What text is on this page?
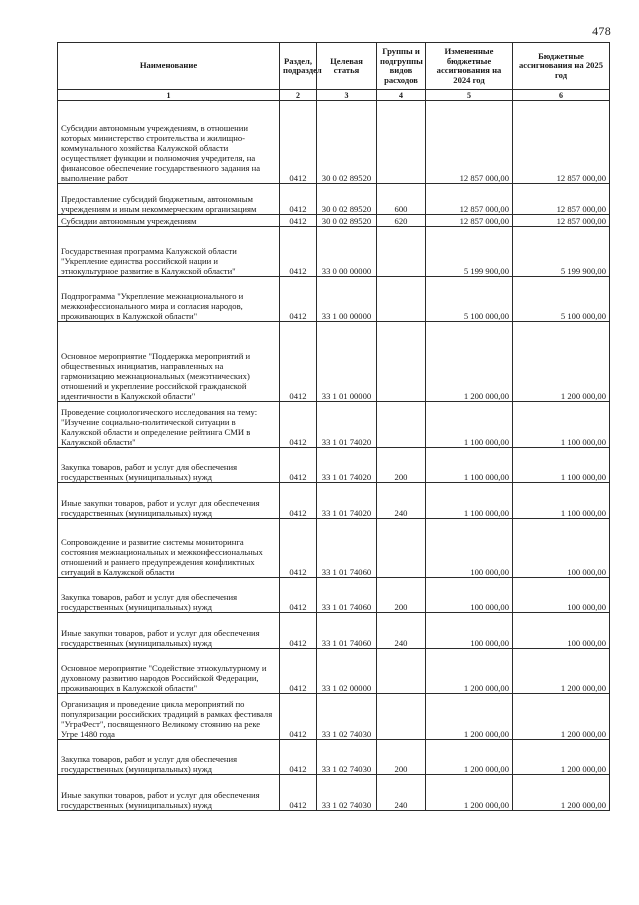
478
Наименование	Раздел, подраздел	Целевая статья	Группы и подгруппы видов расходов	Измененные бюджетные ассигнования на 2024 год	Бюджетные ассигнования на 2025 год
1	2	3	4	5	6
Субсидии автономным учреждениям, в отношении которых министерство строительства и жилищно-коммунального хозяйства Калужской области осуществляет функции и полномочия учредителя, на финансовое обеспечение государственного задания на выполнение работ	0412	30 0 02 89520		12 857 000,00	12 857 000,00
Предоставление субсидий бюджетным, автономным учреждениям и иным некоммерческим организациям	0412	30 0 02 89520	600	12 857 000,00	12 857 000,00
Субсидии автономным учреждениям	0412	30 0 02 89520	620	12 857 000,00	12 857 000,00
Государственная программа Калужской области "Укрепление единства российской нации и этнокультурное развитие в Калужской области"	0412	33 0 00 00000		5 199 900,00	5 199 900,00
Подпрограмма "Укрепление межнационального и межконфессионального мира и согласия народов, проживающих в Калужской области"	0412	33 1 00 00000		5 100 000,00	5 100 000,00
Основное мероприятие "Поддержка мероприятий и общественных инициатив, направленных на гармонизацию межнациональных (межэтнических) отношений и укрепление российской гражданской идентичности в Калужской области"	0412	33 1 01 00000		1 200 000,00	1 200 000,00
Проведение социологического исследования на тему: "Изучение социально-политической ситуации в Калужской области и определение рейтинга СМИ в Калужской области"	0412	33 1 01 74020		1 100 000,00	1 100 000,00
Закупка товаров, работ и услуг для обеспечения государственных (муниципальных) нужд	0412	33 1 01 74020	200	1 100 000,00	1 100 000,00
Иные закупки товаров, работ и услуг для обеспечения государственных (муниципальных) нужд	0412	33 1 01 74020	240	1 100 000,00	1 100 000,00
Сопровождение и развитие системы мониторинга состояния межнациональных и межконфессиональных отношений и раннего предупреждения конфликтных ситуаций в Калужской области	0412	33 1 01 74060		100 000,00	100 000,00
Закупка товаров, работ и услуг для обеспечения государственных (муниципальных) нужд	0412	33 1 01 74060	200	100 000,00	100 000,00
Иные закупки товаров, работ и услуг для обеспечения государственных (муниципальных) нужд	0412	33 1 01 74060	240	100 000,00	100 000,00
Основное мероприятие "Содействие этнокультурному и духовному развитию народов Российской Федерации, проживающих в Калужской области"	0412	33 1 02 00000		1 200 000,00	1 200 000,00
Организация и проведение цикла мероприятий по популяризации российских традиций в рамках фестиваля "УграФест", посвященного Великому стоянию на реке Угре 1480 года	0412	33 1 02 74030		1 200 000,00	1 200 000,00
Закупка товаров, работ и услуг для обеспечения государственных (муниципальных) нужд	0412	33 1 02 74030	200	1 200 000,00	1 200 000,00
Иные закупки товаров, работ и услуг для обеспечения государственных (муниципальных) нужд	0412	33 1 02 74030	240	1 200 000,00	1 200 000,00
